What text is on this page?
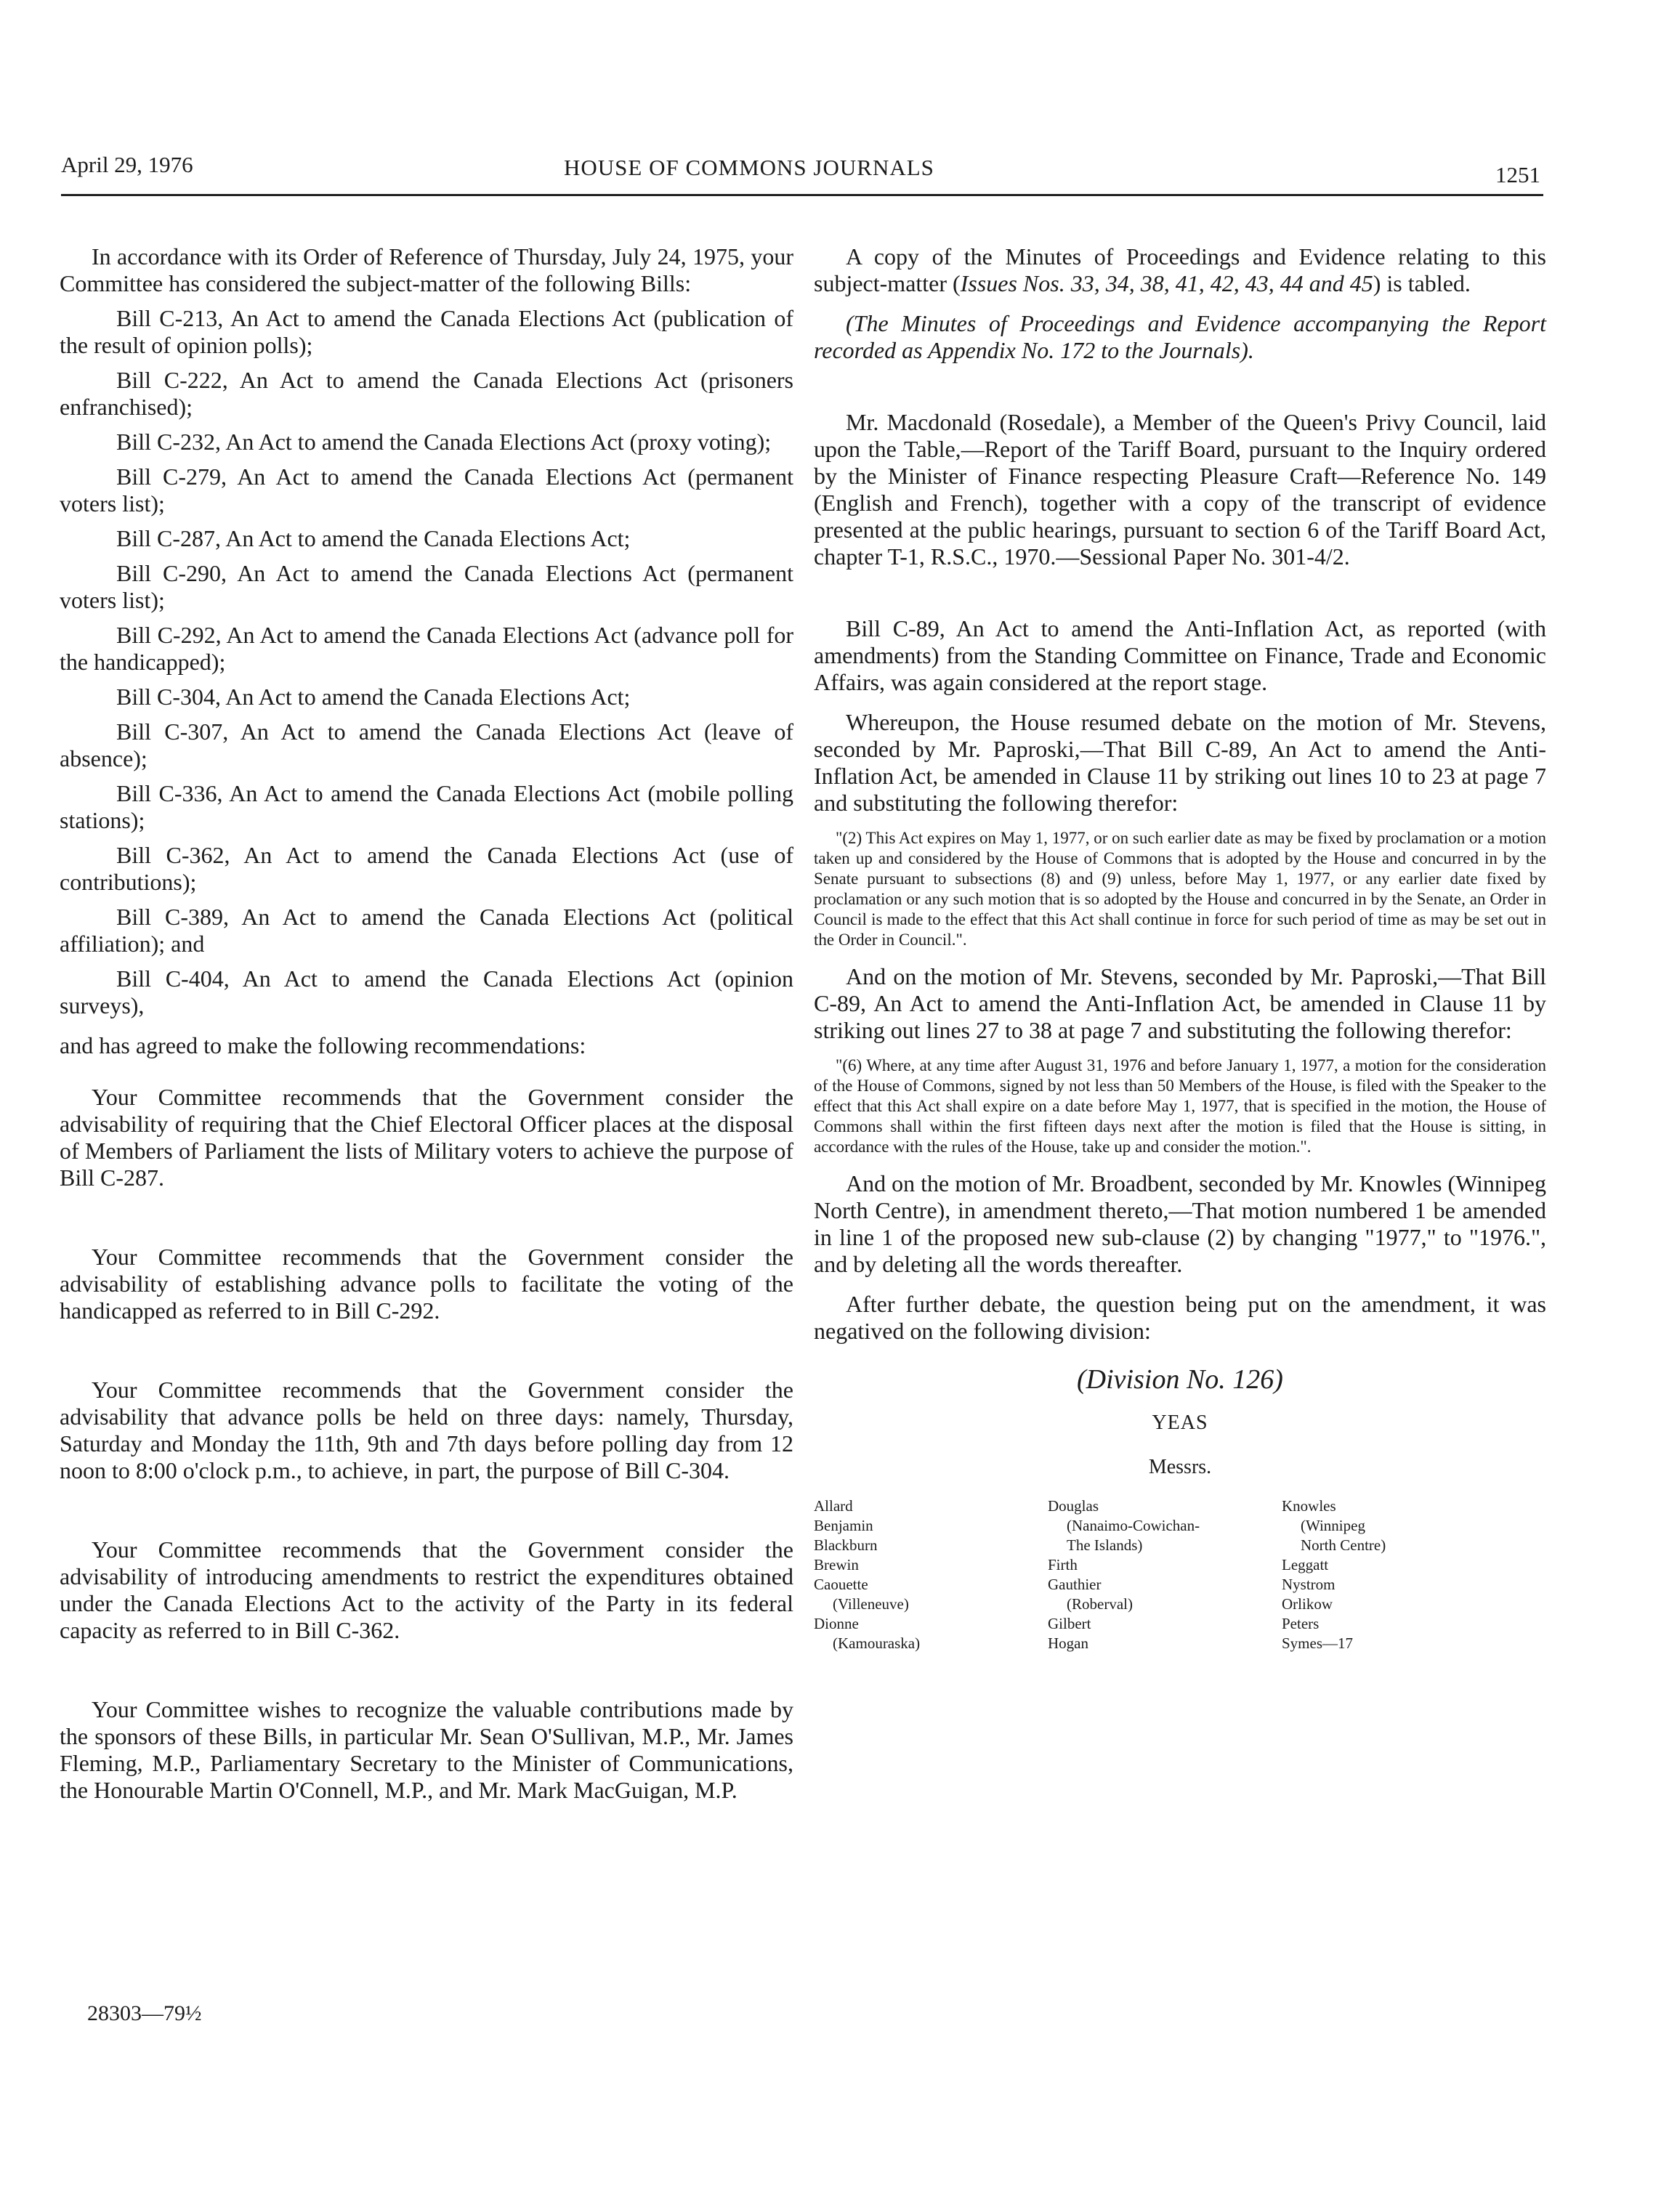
April 29, 1976	HOUSE OF COMMONS JOURNALS	1251

In accordance with its Order of Reference of Thursday, July 24, 1975, your Committee has considered the subject-matter of the following Bills:

Bill C-213, An Act to amend the Canada Elections Act (publication of the result of opinion polls);

Bill C-222, An Act to amend the Canada Elections Act (prisoners enfranchised);

Bill C-232, An Act to amend the Canada Elections Act (proxy voting);

Bill C-279, An Act to amend the Canada Elections Act (permanent voters list);

Bill C-287, An Act to amend the Canada Elections Act;

Bill C-290, An Act to amend the Canada Elections Act (permanent voters list);

Bill C-292, An Act to amend the Canada Elections Act (advance poll for the handicapped);

Bill C-304, An Act to amend the Canada Elections Act;

Bill C-307, An Act to amend the Canada Elections Act (leave of absence);

Bill C-336, An Act to amend the Canada Elections Act (mobile polling stations);

Bill C-362, An Act to amend the Canada Elections Act (use of contributions);

Bill C-389, An Act to amend the Canada Elections Act (political affiliation); and

Bill C-404, An Act to amend the Canada Elections Act (opinion surveys),

and has agreed to make the following recommendations:

Your Committee recommends that the Government consider the advisability of requiring that the Chief Electoral Officer places at the disposal of Members of Parliament the lists of Military voters to achieve the purpose of Bill C-287.

Your Committee recommends that the Government consider the advisability of establishing advance polls to facilitate the voting of the handicapped as referred to in Bill C-292.

Your Committee recommends that the Government consider the advisability that advance polls be held on three days: namely, Thursday, Saturday and Monday the 11th, 9th and 7th days before polling day from 12 noon to 8:00 o'clock p.m., to achieve, in part, the purpose of Bill C-304.

Your Committee recommends that the Government consider the advisability of introducing amendments to restrict the expenditures obtained under the Canada Elections Act to the activity of the Party in its federal capacity as referred to in Bill C-362.

Your Committee wishes to recognize the valuable contributions made by the sponsors of these Bills, in particular Mr. Sean O'Sullivan, M.P., Mr. James Fleming, M.P., Parliamentary Secretary to the Minister of Communications, the Honourable Martin O'Connell, M.P., and Mr. Mark MacGuigan, M.P.

A copy of the Minutes of Proceedings and Evidence relating to this subject-matter (Issues Nos. 33, 34, 38, 41, 42, 43, 44 and 45) is tabled.

(The Minutes of Proceedings and Evidence accompanying the Report recorded as Appendix No. 172 to the Journals).

Mr. Macdonald (Rosedale), a Member of the Queen's Privy Council, laid upon the Table,—Report of the Tariff Board, pursuant to the Inquiry ordered by the Minister of Finance respecting Pleasure Craft—Reference No. 149 (English and French), together with a copy of the transcript of evidence presented at the public hearings, pursuant to section 6 of the Tariff Board Act, chapter T-1, R.S.C., 1970.—Sessional Paper No. 301-4/2.

Bill C-89, An Act to amend the Anti-Inflation Act, as reported (with amendments) from the Standing Committee on Finance, Trade and Economic Affairs, was again considered at the report stage.

Whereupon, the House resumed debate on the motion of Mr. Stevens, seconded by Mr. Paproski,—That Bill C-89, An Act to amend the Anti-Inflation Act, be amended in Clause 11 by striking out lines 10 to 23 at page 7 and substituting the following therefor:

"(2) This Act expires on May 1, 1977, or on such earlier date as may be fixed by proclamation or a motion taken up and considered by the House of Commons that is adopted by the House and concurred in by the Senate pursuant to subsections (8) and (9) unless, before May 1, 1977, or any earlier date fixed by proclamation or any such motion that is so adopted by the House and concurred in by the Senate, an Order in Council is made to the effect that this Act shall continue in force for such period of time as may be set out in the Order in Council.".

And on the motion of Mr. Stevens, seconded by Mr. Paproski,—That Bill C-89, An Act to amend the Anti-Inflation Act, be amended in Clause 11 by striking out lines 27 to 38 at page 7 and substituting the following therefor:

"(6) Where, at any time after August 31, 1976 and before January 1, 1977, a motion for the consideration of the House of Commons, signed by not less than 50 Members of the House, is filed with the Speaker to the effect that this Act shall expire on a date before May 1, 1977, that is specified in the motion, the House of Commons shall within the first fifteen days next after the motion is filed that the House is sitting, in accordance with the rules of the House, take up and consider the motion.".

And on the motion of Mr. Broadbent, seconded by Mr. Knowles (Winnipeg North Centre), in amendment thereto,—That motion numbered 1 be amended in line 1 of the proposed new sub-clause (2) by changing "1977," to "1976.", and by deleting all the words thereafter.

After further debate, the question being put on the amendment, it was negatived on the following division:

(Division No. 126)

YEAS

Messrs.

Allard
Benjamin
Blackburn
Brewin
Caouette
(Villeneuve)
Dionne
(Kamouraska)
Douglas
(Nanaimo-Cowichan-
The Islands)
Firth
Gauthier
(Roberval)
Gilbert
Hogan
Knowles
(Winnipeg
North Centre)
Leggatt
Nystrom
Orlikow
Peters
Symes—17
28303—79½
